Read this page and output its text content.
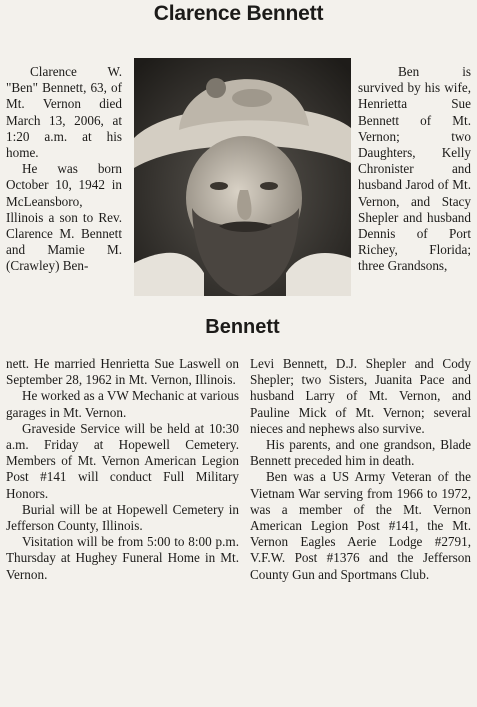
Clarence Bennett

Clarence W. "Ben" Bennett, 63, of Mt. Vernon died March 13, 2006, at 1:20 a.m. at his home.

He was born October 10, 1942 in McLeansboro, Illinois a son to Rev. Clarence M. Bennett and Mamie M. (Crawley) Ben-

Bennett

Ben is survived by his wife, Henrietta Sue Bennett of Mt. Vernon; two Daughters, Kelly Chronister and husband Jarod of Mt. Vernon, and Stacy Shepler and husband Dennis of Port Richey, Florida; three Grandsons,

nett. He married Henrietta Sue Laswell on September 28, 1962 in Mt. Vernon, Illinois.

He worked as a VW Mechanic at various garages in Mt. Vernon.

Graveside Service will be held at 10:30 a.m. Friday at Hopewell Cemetery. Members of Mt. Vernon American Legion Post #141 will conduct Full Military Honors.

Burial will be at Hopewell Cemetery in Jefferson County, Illinois.

Visitation will be from 5:00 to 8:00 p.m. Thursday at Hughey Funeral Home in Mt. Vernon.

Levi Bennett, D.J. Shepler and Cody Shepler; two Sisters, Juanita Pace and husband Larry of Mt. Vernon, and Pauline Mick of Mt. Vernon; several nieces and nephews also survive.

His parents, and one grandson, Blade Bennett preceded him in death.

Ben was a US Army Veteran of the Vietnam War serving from 1966 to 1972, was a member of the Mt. Vernon American Legion Post #141, the Mt. Vernon Eagles Aerie Lodge #2791, V.F.W. Post #1376 and the Jefferson County Gun and Sportmans Club.
